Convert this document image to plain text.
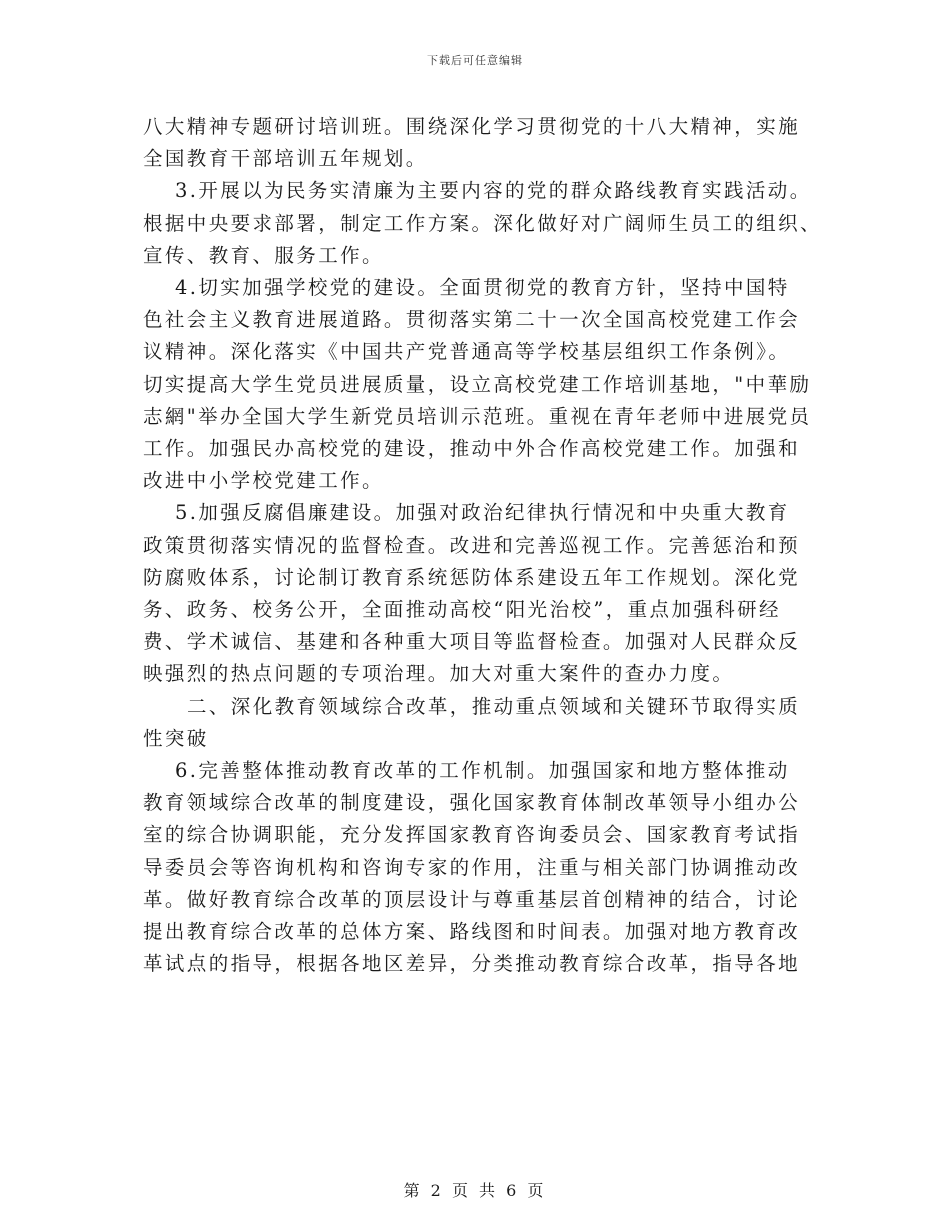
下载后可任意编辑
八大精神专题研讨培训班。围绕深化学习贯彻党的十八大精神，实施
全国教育干部培训五年规划。
3.开展以为民务实清廉为主要内容的党的群众路线教育实践活动。
根据中央要求部署，制定工作方案。深化做好对广阔师生员工的组织、
宣传、教育、服务工作。
4.切实加强学校党的建设。全面贯彻党的教育方针，坚持中国特
色社会主义教育进展道路。贯彻落实第二十一次全国高校党建工作会
议精神。深化落实《中国共产党普通高等学校基层组织工作条例》。
切实提高大学生党员进展质量，设立高校党建工作培训基地，"中華励
志網"举办全国大学生新党员培训示范班。重视在青年老师中进展党员
工作。加强民办高校党的建设，推动中外合作高校党建工作。加强和
改进中小学校党建工作。
5.加强反腐倡廉建设。加强对政治纪律执行情况和中央重大教育
政策贯彻落实情况的监督检查。改进和完善巡视工作。完善惩治和预
防腐败体系，讨论制订教育系统惩防体系建设五年工作规划。深化党
务、政务、校务公开，全面推动高校“阳光治校”，重点加强科研经
费、学术诚信、基建和各种重大项目等监督检查。加强对人民群众反
映强烈的热点问题的专项治理。加大对重大案件的查办力度。
二、深化教育领域综合改革，推动重点领域和关键环节取得实质
性突破
6.完善整体推动教育改革的工作机制。加强国家和地方整体推动
教育领域综合改革的制度建设，强化国家教育体制改革领导小组办公
室的综合协调职能，充分发挥国家教育咨询委员会、国家教育考试指
导委员会等咨询机构和咨询专家的作用，注重与相关部门协调推动改
革。做好教育综合改革的顶层设计与尊重基层首创精神的结合，讨论
提出教育综合改革的总体方案、路线图和时间表。加强对地方教育改
革试点的指导，根据各地区差异，分类推动教育综合改革，指导各地
第 2 页 共 6 页
